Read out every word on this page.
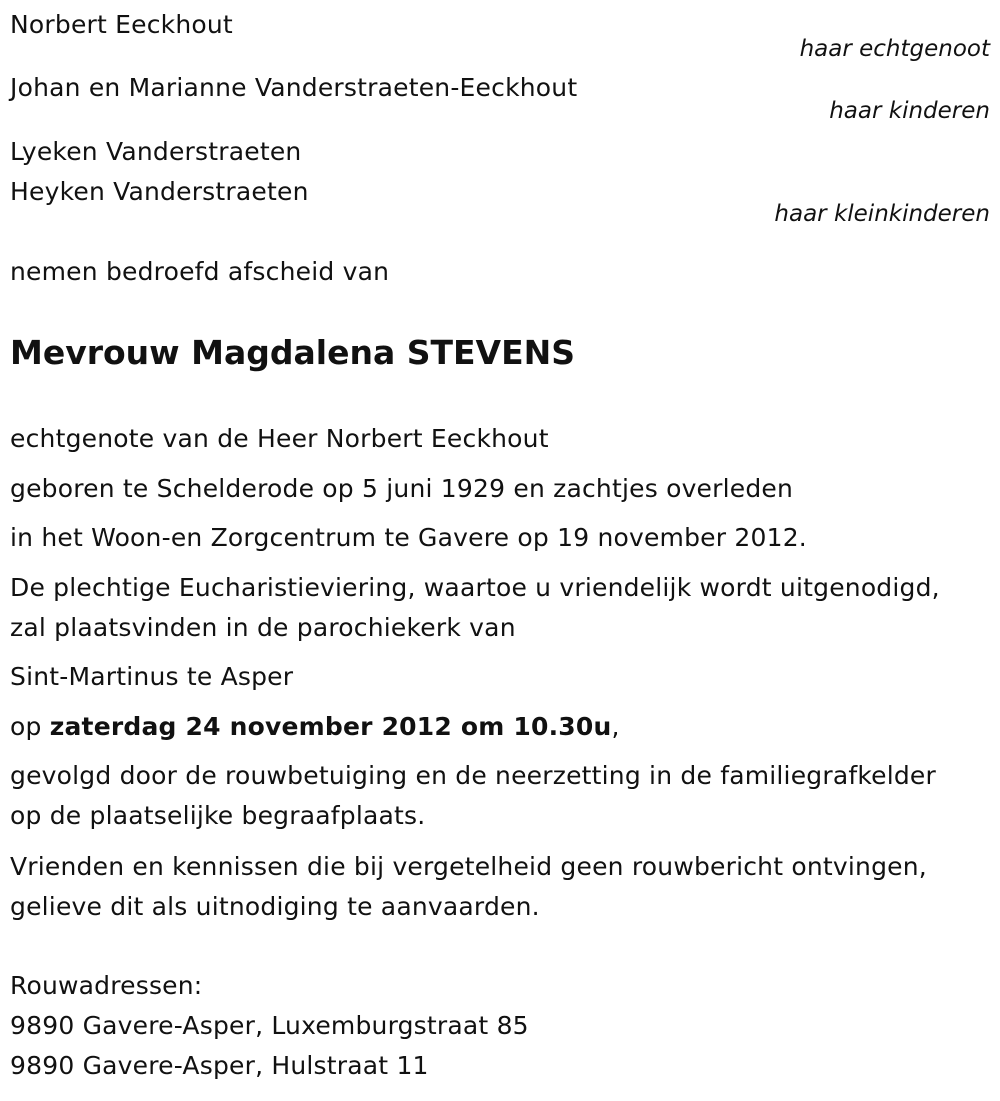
Norbert Eeckhout
haar echtgenoot
Johan en Marianne Vanderstraeten-Eeckhout
haar kinderen
Lyeken Vanderstraeten
Heyken Vanderstraeten
haar kleinkinderen
nemen bedroefd afscheid van
Mevrouw Magdalena STEVENS
echtgenote van de Heer Norbert Eeckhout
geboren te Schelderode op 5 juni 1929 en zachtjes overleden
in het Woon-en Zorgcentrum te Gavere op 19 november 2012.
De plechtige Eucharistieviering, waartoe u vriendelijk wordt uitgenodigd,
zal plaatsvinden in de parochiekerk van
Sint-Martinus te Asper
op zaterdag 24 november 2012 om 10.30u,
gevolgd door de rouwbetuiging en de neerzetting in de familiegrafkelder
op de plaatselijke begraafplaats.
Vrienden en kennissen die bij vergetelheid geen rouwbericht ontvingen,
gelieve dit als uitnodiging te aanvaarden.
Rouwadressen:
9890 Gavere-Asper, Luxemburgstraat 85
9890 Gavere-Asper, Hulstraat 11
